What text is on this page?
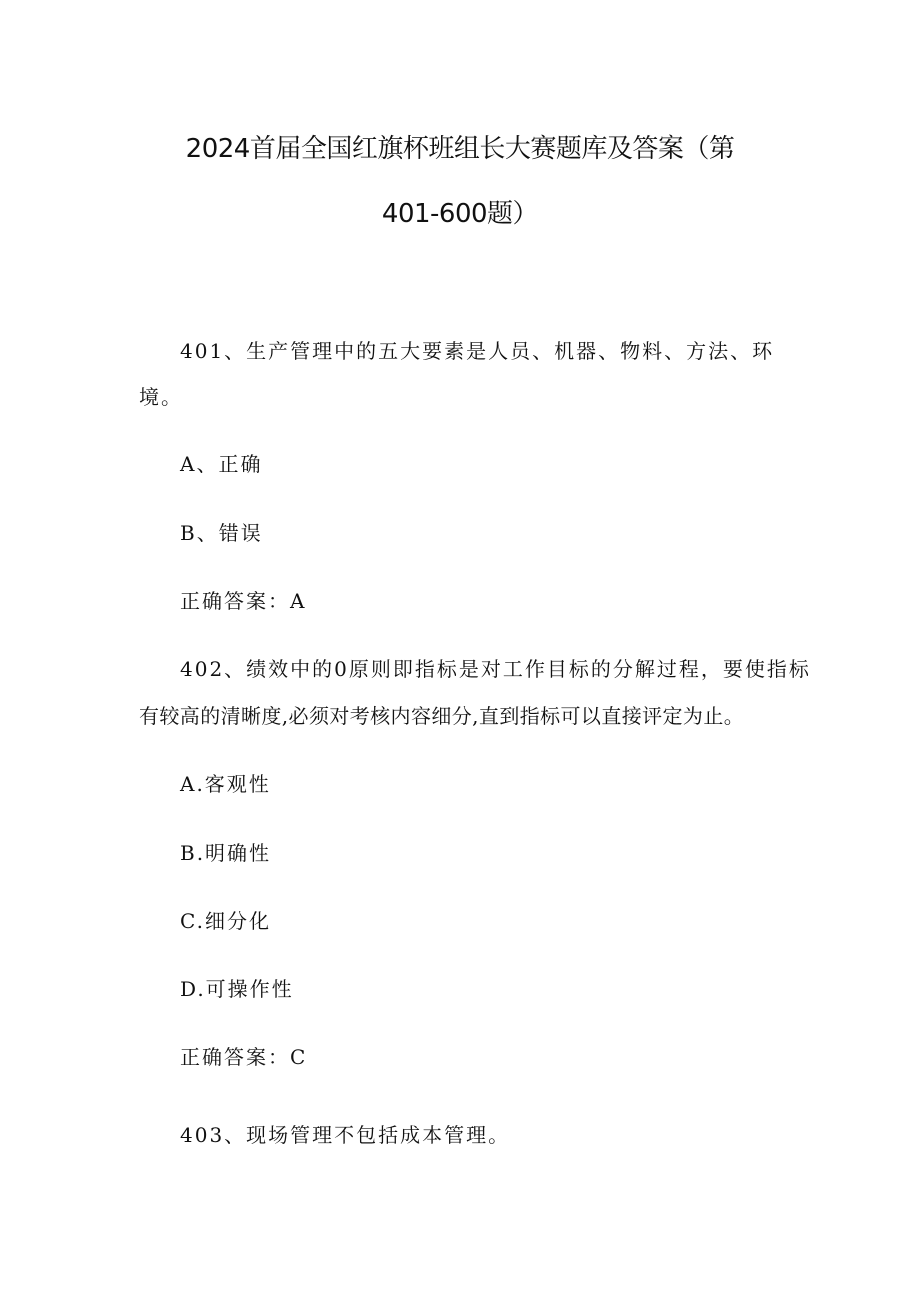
2024首届全国红旗杯班组长大赛题库及答案（第
401-600题）
401、生产管理中的五大要素是人员、机器、物料、方法、环
境。
A、正确
B、错误
正确答案：A
402、绩效中的0原则即指标是对工作目标的分解过程，要使指标
有较高的清晰度,必须对考核内容细分,直到指标可以直接评定为止。
A.客观性
B.明确性
C.细分化
D.可操作性
正确答案：C
403、现场管理不包括成本管理。
